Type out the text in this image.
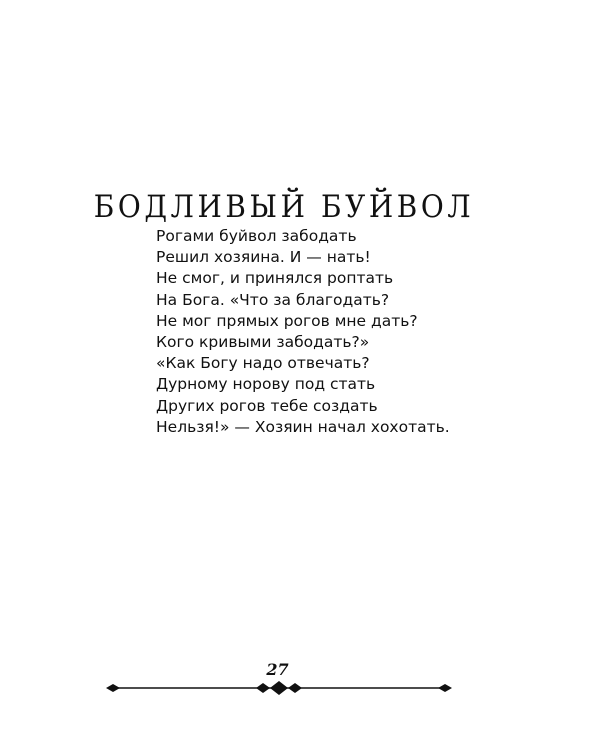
БОДЛИВЫЙ БУЙВОЛ
Рогами буйвол забодать
Решил хозяина. И — нать!
Не смог, и принялся роптать
На Бога. «Что за благодать?
Не мог прямых рогов мне дать?
Кого кривыми забодать?»
«Как Богу надо отвечать?
Дурному норову под стать
Других рогов тебе создать
Нельзя!» — Хозяин начал хохотать.
27
